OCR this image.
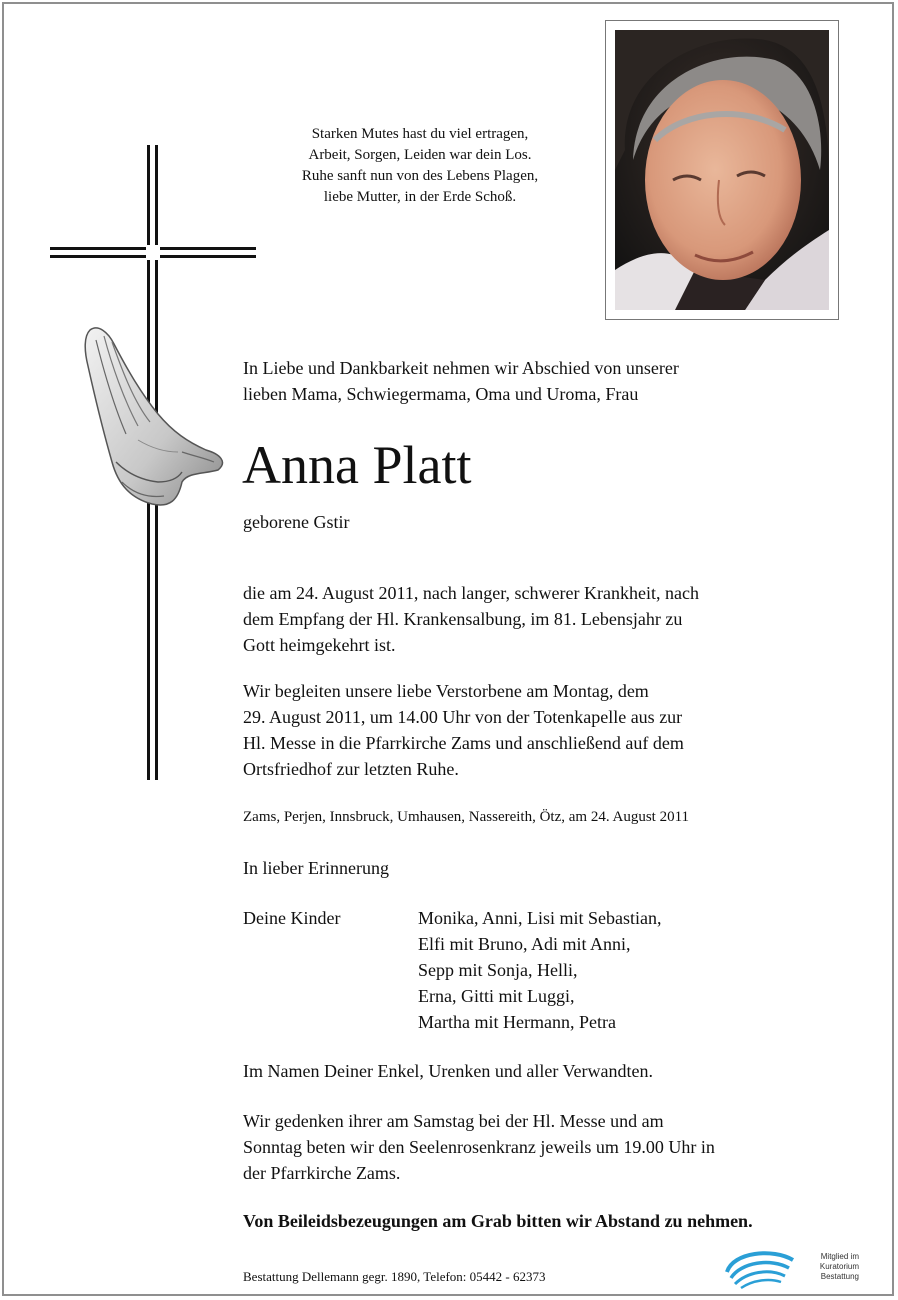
Starken Mutes hast du viel ertragen,
Arbeit, Sorgen, Leiden war dein Los.
Ruhe sanft nun von des Lebens Plagen,
liebe Mutter, in der Erde Schoß.
In Liebe und Dankbarkeit nehmen wir Abschied von unserer
lieben Mama, Schwiegermama, Oma und Uroma, Frau
Anna Platt
geborene Gstir
die am 24. August 2011, nach langer, schwerer Krankheit, nach
dem Empfang der Hl. Krankensalbung, im 81. Lebensjahr zu
Gott heimgekehrt ist.
Wir begleiten unsere liebe Verstorbene am Montag, dem
29. August 2011, um 14.00 Uhr von der Totenkapelle aus zur
Hl. Messe in die Pfarrkirche Zams und anschließend auf dem
Ortsfriedhof zur letzten Ruhe.
Zams, Perjen, Innsbruck, Umhausen, Nassereith, Ötz, am 24. August 2011
In lieber Erinnerung
Deine Kinder	Monika, Anni, Lisi mit Sebastian,
Elfi mit Bruno, Adi mit Anni,
Sepp mit Sonja, Helli,
Erna, Gitti mit Luggi,
Martha mit Hermann, Petra
Im Namen Deiner Enkel, Urenken und aller Verwandten.
Wir gedenken ihrer am Samstag bei der Hl. Messe und am
Sonntag beten wir den Seelenrosenkranz jeweils um 19.00 Uhr in
der Pfarrkirche Zams.
Von Beileidsbezeugungen am Grab bitten wir Abstand zu nehmen.
Bestattung Dellemann gegr. 1890, Telefon: 05442 - 62373
Mitglied im
Kuratorium Bestattung
